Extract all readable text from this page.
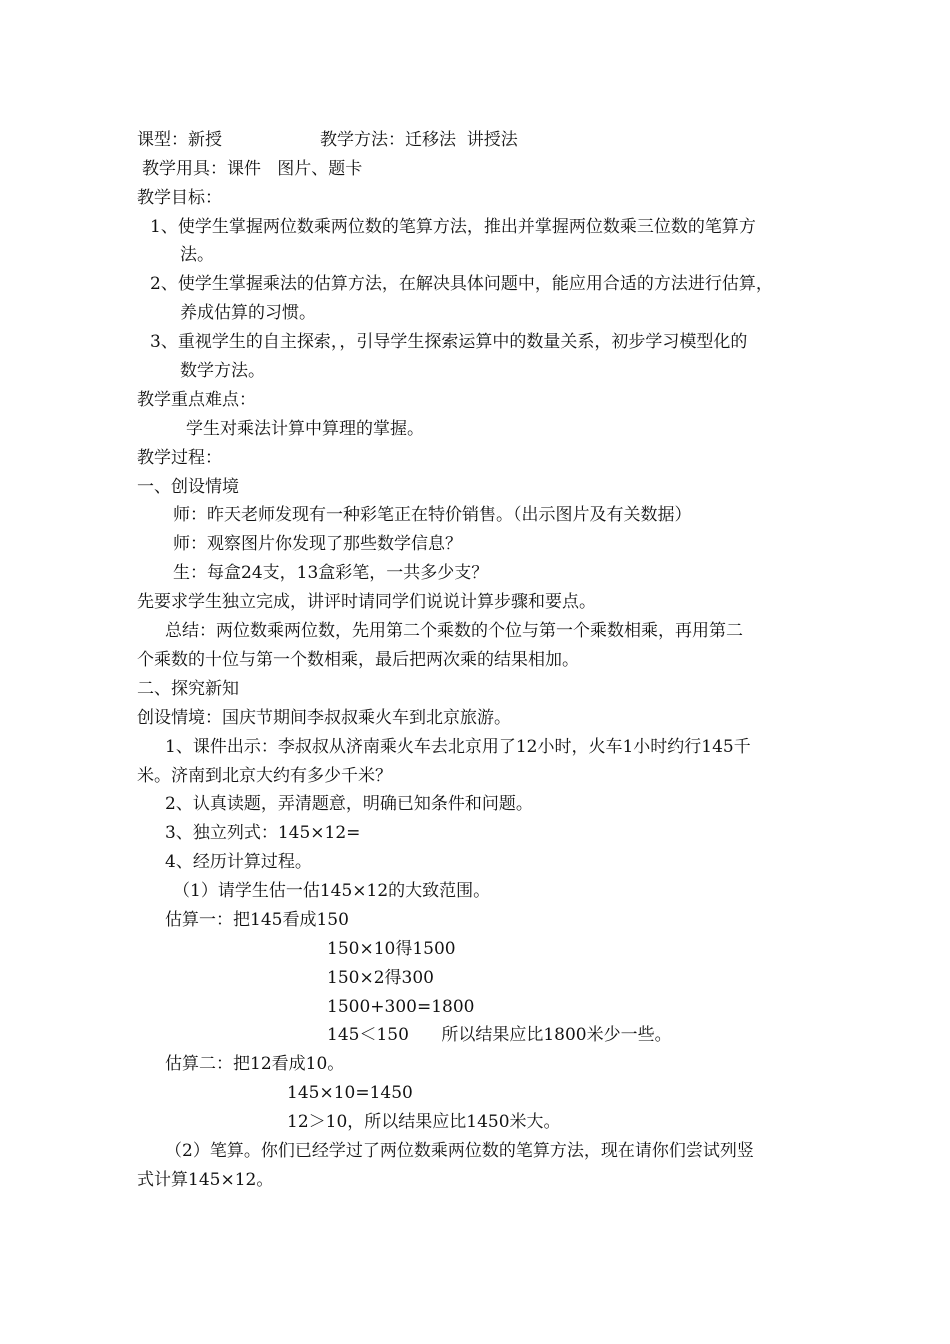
课型：新授	教学方法：迁移法  讲授法
教学用具：课件   图片、题卡
教学目标：
1、使学生掌握两位数乘两位数的笔算方法，推出并掌握两位数乘三位数的笔算方
法。
2、使学生掌握乘法的估算方法，在解决具体问题中，能应用合适的方法进行估算，
养成估算的习惯。
3、重视学生的自主探索，，引导学生探索运算中的数量关系，初步学习模型化的
数学方法。
教学重点难点：
学生对乘法计算中算理的掌握。
教学过程：
一、创设情境
师：昨天老师发现有一种彩笔正在特价销售。（出示图片及有关数据）
师：观察图片你发现了那些数学信息？
生：每盒24支，13盒彩笔，一共多少支？
先要求学生独立完成，讲评时请同学们说说计算步骤和要点。
总结：两位数乘两位数，先用第二个乘数的个位与第一个乘数相乘，再用第二
个乘数的十位与第一个数相乘，最后把两次乘的结果相加。
二、探究新知
创设情境：国庆节期间李叔叔乘火车到北京旅游。
1、课件出示：李叔叔从济南乘火车去北京用了12小时，火车1小时约行145千
米。济南到北京大约有多少千米？
2、认真读题，弄清题意，明确已知条件和问题。
3、独立列式：145×12=
4、经历计算过程。
（1）请学生估一估145×12的大致范围。
估算一：把145看成150
150×10得1500
150×2得300
1500+300=1800
145＜150      所以结果应比1800米少一些。
估算二：把12看成10。
145×10=1450
12＞10，所以结果应比1450米大。
（2）笔算。你们已经学过了两位数乘两位数的笔算方法，现在请你们尝试列竖
式计算145×12。
